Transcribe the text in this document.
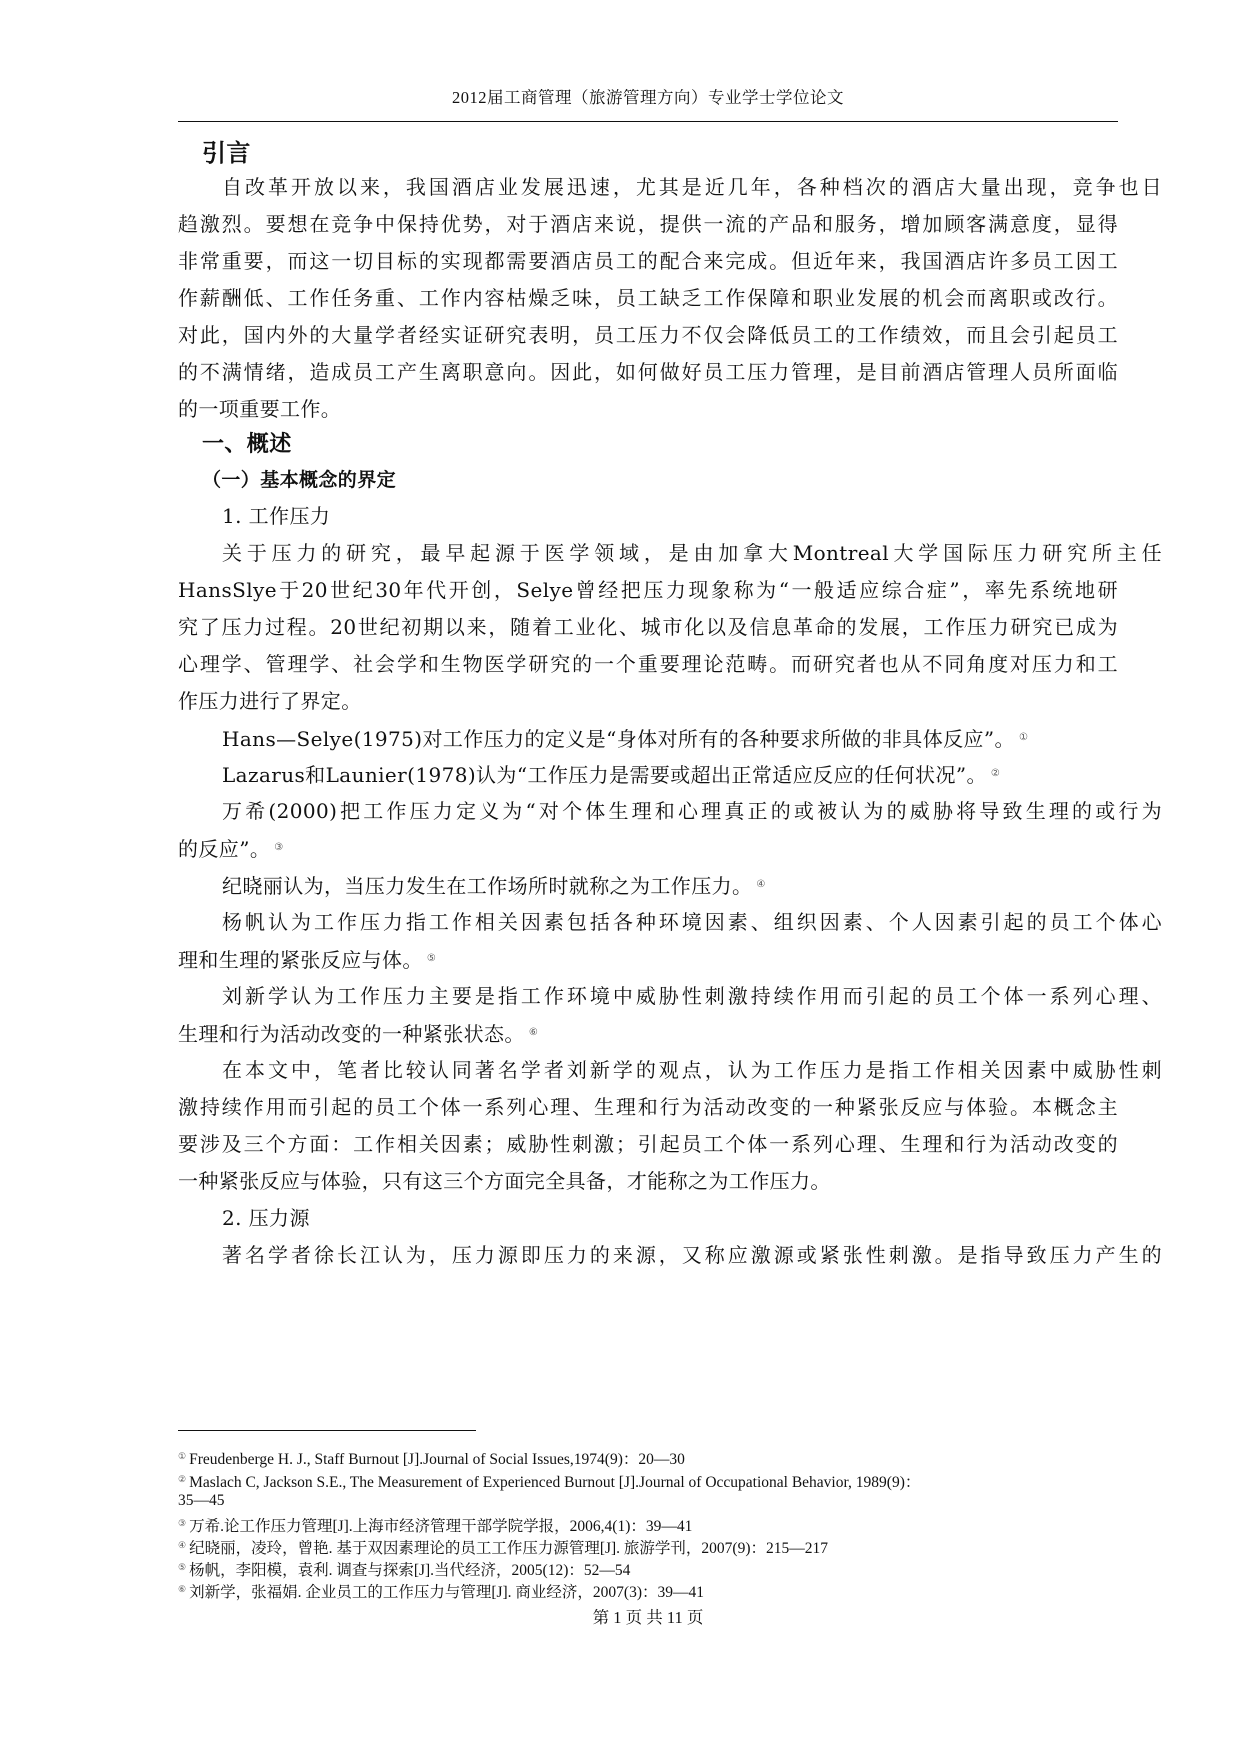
2012届工商管理（旅游管理方向）专业学士学位论文
引言
自改革开放以来，我国酒店业发展迅速，尤其是近几年，各种档次的酒店大量出现，竞争也日
趋激烈。要想在竞争中保持优势，对于酒店来说，提供一流的产品和服务，增加顾客满意度，显得
非常重要，而这一切目标的实现都需要酒店员工的配合来完成。但近年来，我国酒店许多员工因工
作薪酬低、工作任务重、工作内容枯燥乏味，员工缺乏工作保障和职业发展的机会而离职或改行。
对此，国内外的大量学者经实证研究表明，员工压力不仅会降低员工的工作绩效，而且会引起员工
的不满情绪，造成员工产生离职意向。因此，如何做好员工压力管理，是目前酒店管理人员所面临
的一项重要工作。
一、概述
（一）基本概念的界定
1. 工作压力
关于压力的研究，最早起源于医学领域，是由加拿大Montreal大学国际压力研究所主任
HansSlye于20世纪30年代开创，Selye曾经把压力现象称为“一般适应综合症”，率先系统地研
究了压力过程。20世纪初期以来，随着工业化、城市化以及信息革命的发展，工作压力研究已成为
心理学、管理学、社会学和生物医学研究的一个重要理论范畴。而研究者也从不同角度对压力和工
作压力进行了界定。
Hans—Selye(1975)对工作压力的定义是“身体对所有的各种要求所做的非具体反应”。 ①
Lazarus和Launier(1978)认为“工作压力是需要或超出正常适应反应的任何状况”。 ②
万希(2000)把工作压力定义为“对个体生理和心理真正的或被认为的威胁将导致生理的或行为
的反应”。 ③
纪晓丽认为，当压力发生在工作场所时就称之为工作压力。 ④
杨帆认为工作压力指工作相关因素包括各种环境因素、组织因素、个人因素引起的员工个体心
理和生理的紧张反应与体。 ⑤
刘新学认为工作压力主要是指工作环境中威胁性刺激持续作用而引起的员工个体一系列心理、
生理和行为活动改变的一种紧张状态。 ⑥
在本文中，笔者比较认同著名学者刘新学的观点，认为工作压力是指工作相关因素中威胁性刺
激持续作用而引起的员工个体一系列心理、生理和行为活动改变的一种紧张反应与体验。本概念主
要涉及三个方面：工作相关因素；威胁性刺激；引起员工个体一系列心理、生理和行为活动改变的
一种紧张反应与体验，只有这三个方面完全具备，才能称之为工作压力。
2. 压力源
著名学者徐长江认为，压力源即压力的来源，又称应激源或紧张性刺激。是指导致压力产生的
① Freudenberge H. J., Staff Burnout [J].Journal of Social Issues,1974(9)：20—30
② Maslach C, Jackson S.E., The Measurement of Experienced Burnout [J].Journal of Occupational Behavior, 1989(9)：
35—45
③ 万希.论工作压力管理[J].上海市经济管理干部学院学报，2006,4(1)：39—41
④ 纪晓丽，凌玲，曾艳. 基于双因素理论的员工工作压力源管理[J]. 旅游学刊，2007(9)：215—217
⑤ 杨帆，李阳模，袁利. 调查与探索[J].当代经济，2005(12)：52—54
⑥ 刘新学，张福娟. 企业员工的工作压力与管理[J]. 商业经济，2007(3)：39—41
第 1 页 共 11 页
